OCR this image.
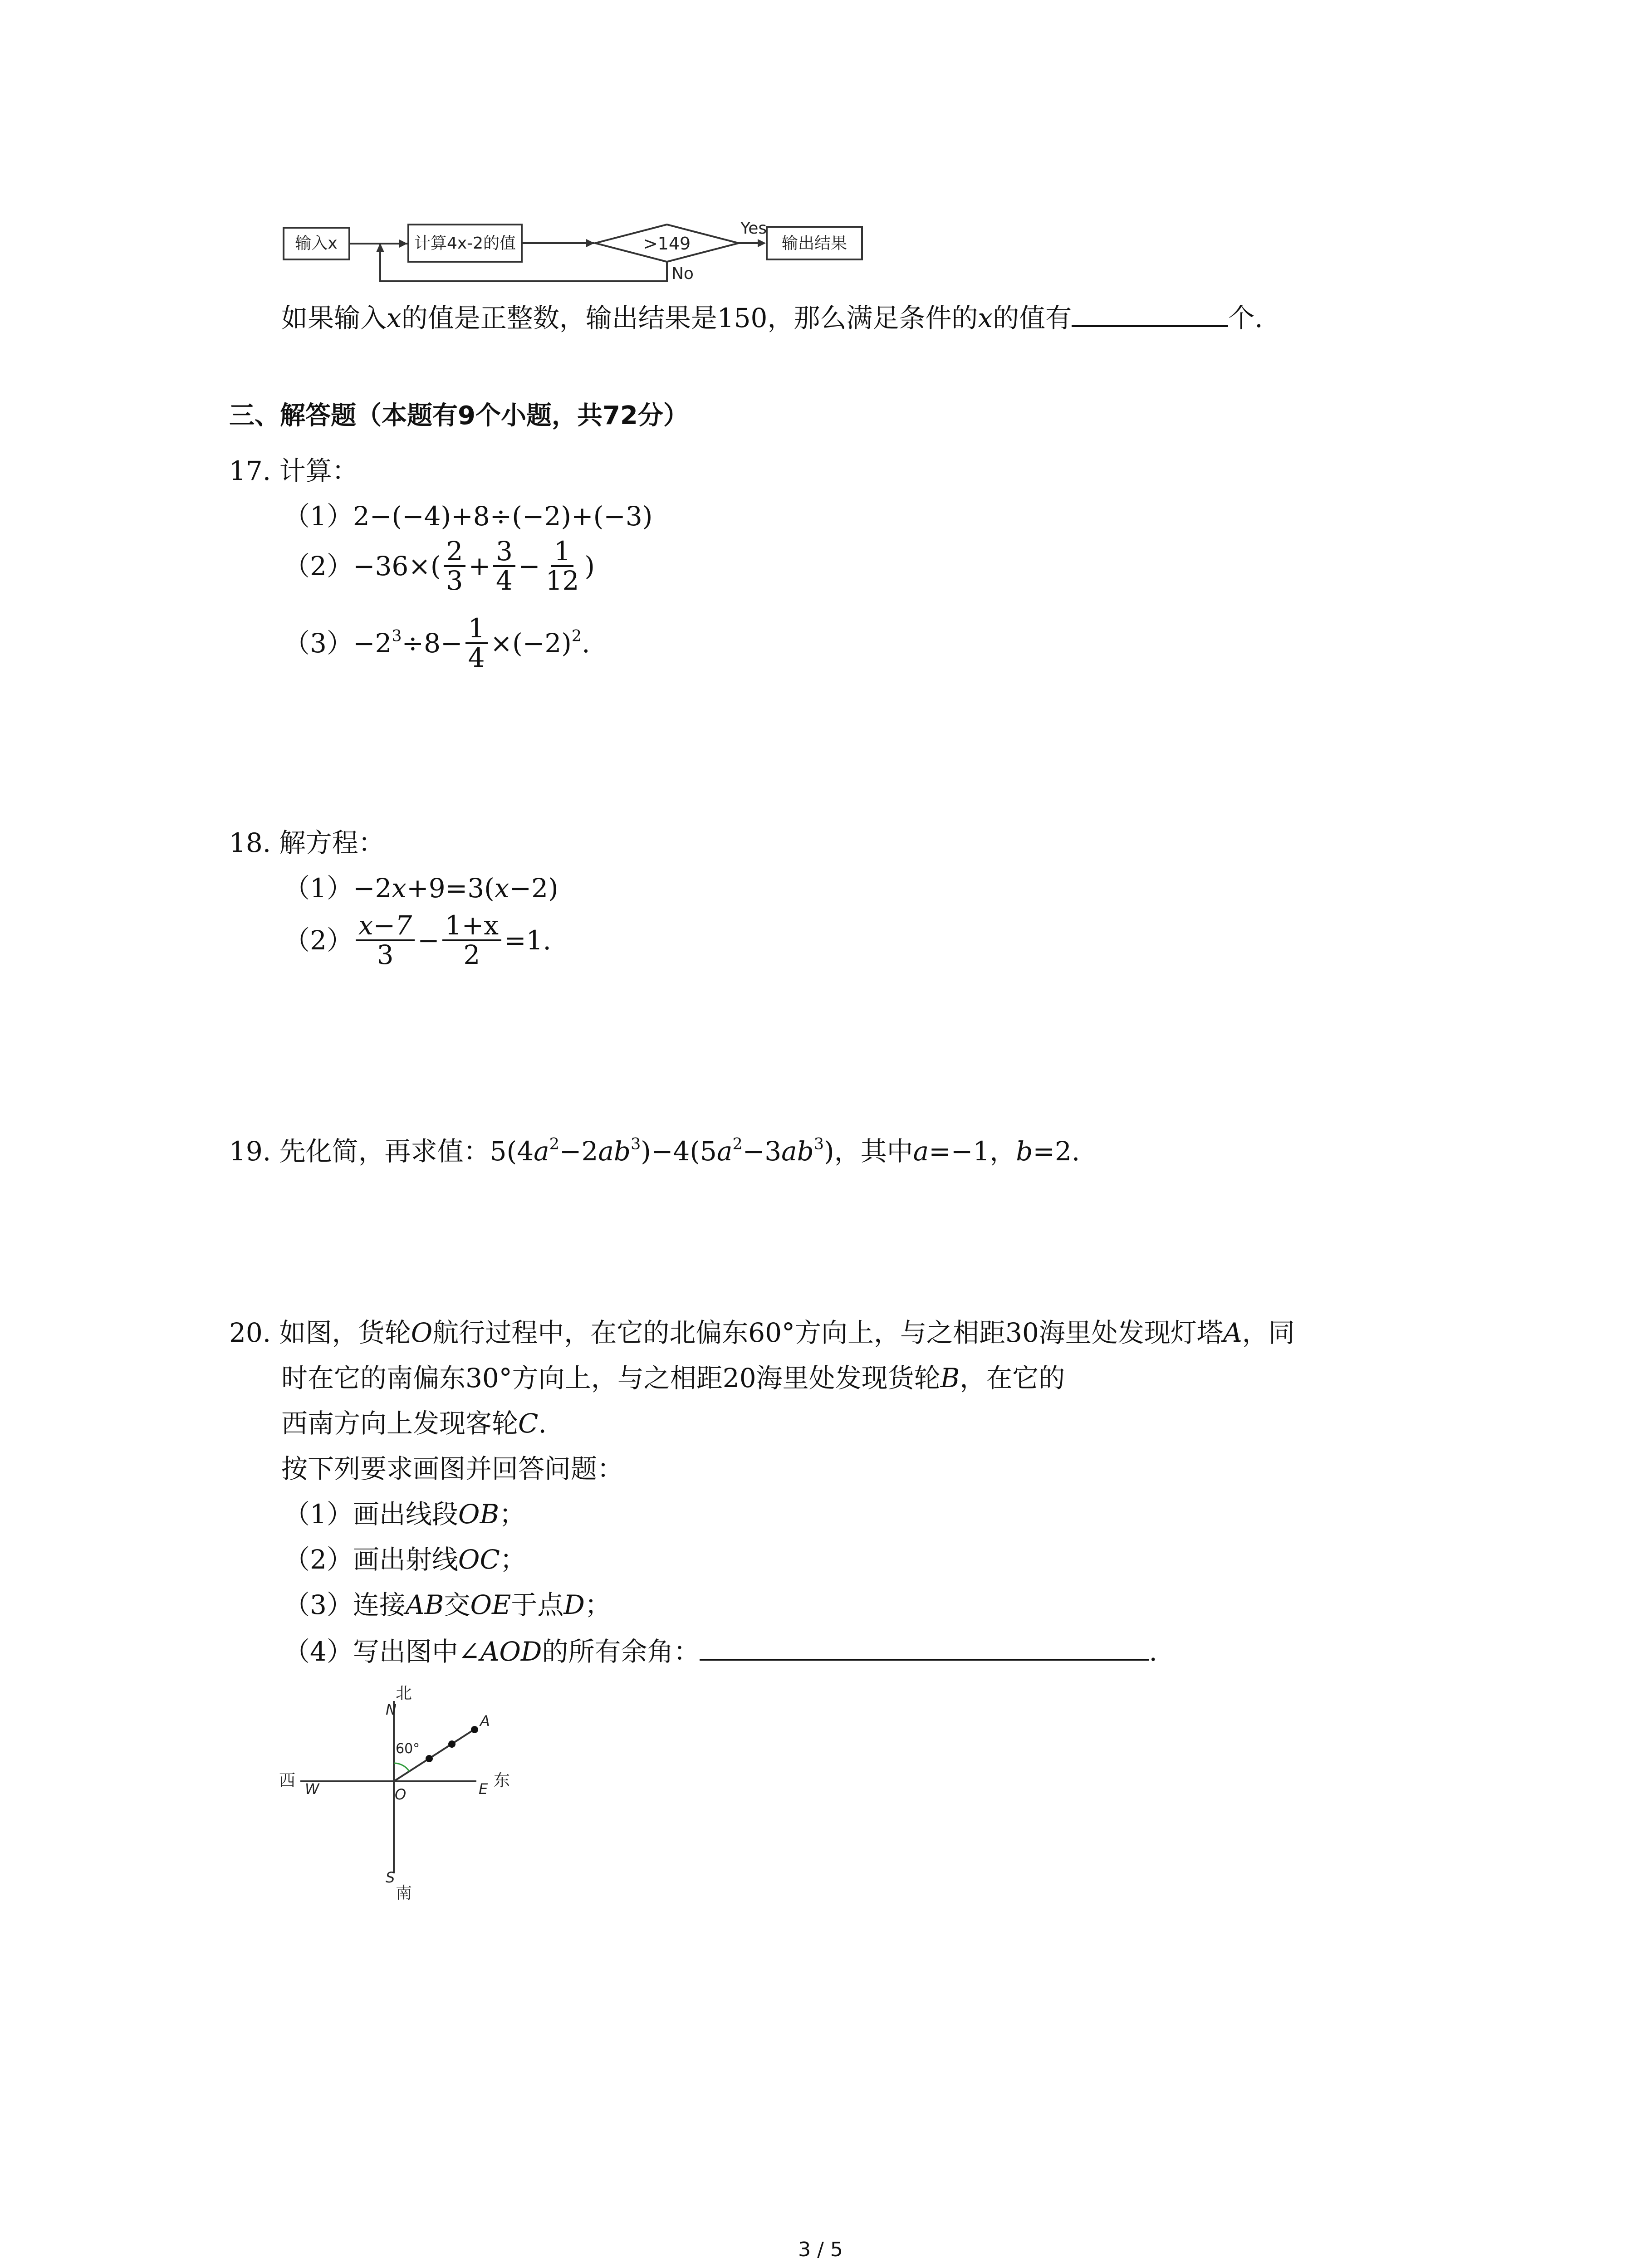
输入x	计算4x-2的值	>149
Yes
输出结果
No
如果输入x的值是正整数，输出结果是150，那么满足条件的x的值有	个.
三、解答题（本题有9个小题，共72分）
17. 计算：
（1）2−(−4)+8÷(−2)+(−3)
$(2)-36\times( \frac{2}{3} + \frac{3}{4} - \frac{1}{12}$ )
$(3)-2^3\div 8- \frac{1}{4} \times(-2)^2$.
18. 解方程：
（1）−2x+9=3(x−2)
$(2) \frac{x-7}{3} - \frac{1+x}{2} =1$.
19. 先化简，再求值：$5(4a^2-2ab^3)-4(5a^2-3ab^3)$，其中a=−1，b=2.
20. 如图，货轮O航行过程中，在它的北偏东60°方向上，与之相距30海里处发现灯塔A，同
时在它的南偏东30°方向上，与之相距20海里处发现货轮B，在它的
西南方向上发现客轮C.
按下列要求画图并回答问题：
（1）画出线段OB；
（2）画出射线OC；
（3）连接AB交OE于点D；
（4）写出图中∠AOD的所有余角：	.
北
N
南
S
东
E
西 W	O
A
60°
3 / 5
